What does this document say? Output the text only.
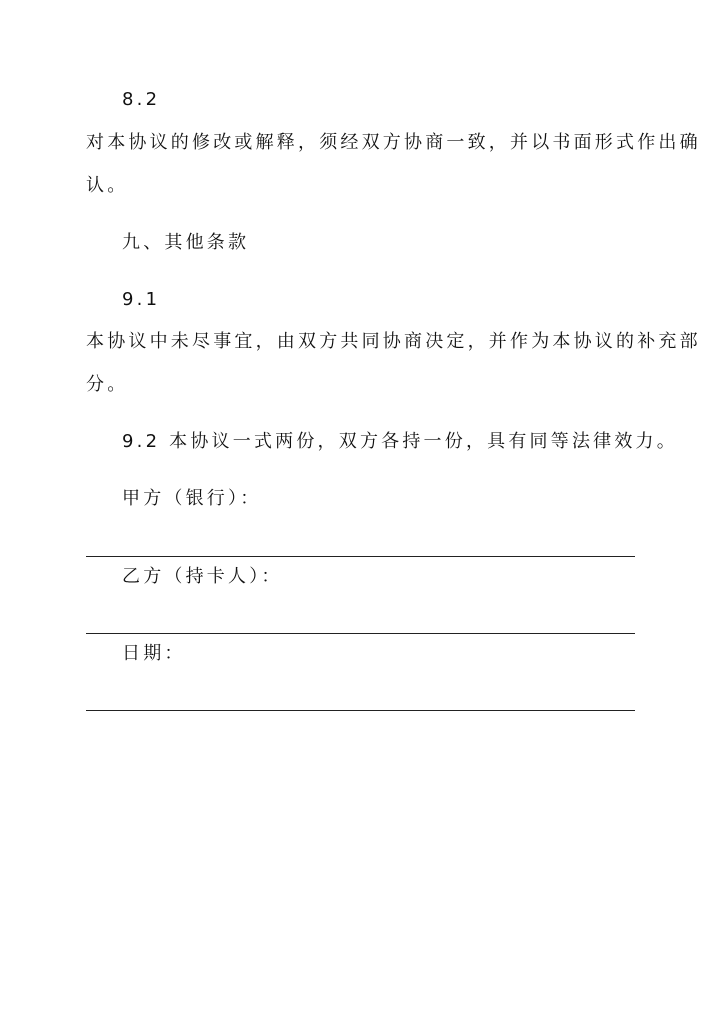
8.2
对本协议的修改或解释，须经双方协商一致，并以书面形式作出确
认。
九、其他条款
9.1
本协议中未尽事宜，由双方共同协商决定，并作为本协议的补充部
分。
9.2 本协议一式两份，双方各持一份，具有同等法律效力。
甲方（银行）：
乙方（持卡人）：
日期：
